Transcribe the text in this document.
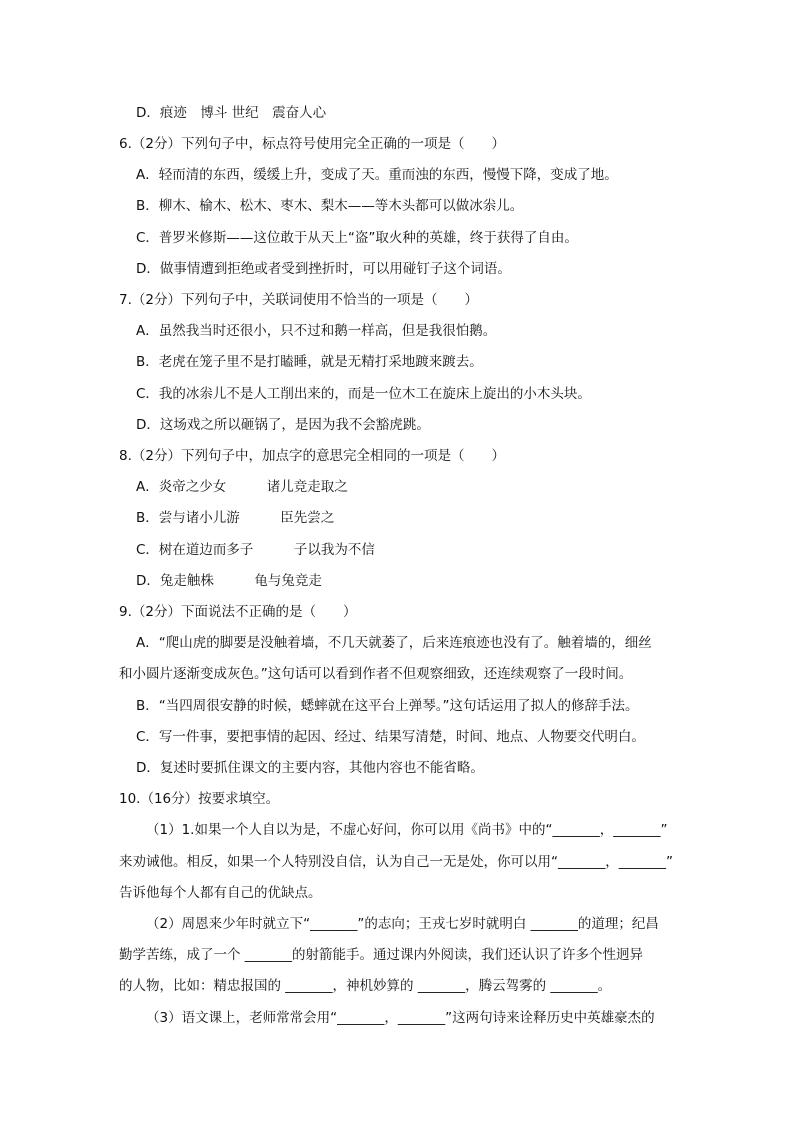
D．痕迹　博斗 世纪　震奋人心
6.（2分）下列句子中，标点符号使用完全正确的一项是（　　）
A．轻而清的东西，缓缓上升，变成了天。重而浊的东西，慢慢下降，变成了地。
B．柳木、榆木、松木、枣木、梨木——等木头都可以做冰尜儿。
C．普罗米修斯——这位敢于从天上“盗”取火种的英雄，终于获得了自由。
D．做事情遭到拒绝或者受到挫折时，可以用碰钉子这个词语。
7.（2分）下列句子中，关联词使用不恰当的一项是（　　）
A．虽然我当时还很小，只不过和鹅一样高，但是我很怕鹅。
B．老虎在笼子里不是打瞌睡，就是无精打采地踱来踱去。
C．我的冰尜儿不是人工削出来的，而是一位木工在旋床上旋出的小木头块。
D．这场戏之所以砸锅了，是因为我不会豁虎跳。
8.（2分）下列句子中，加点字的意思完全相同的一项是（　　）
A．炎帝之少女　　　诸儿竞走取之
B．尝与诸小儿游　　　臣先尝之
C．树在道边而多子　　　子以我为不信
D．兔走触株　　　龟与兔竞走
9.（2分）下面说法不正确的是（　　）
A．“爬山虎的脚要是没触着墙，不几天就萎了，后来连痕迹也没有了。触着墙的，细丝
和小圆片逐渐变成灰色。”这句话可以看到作者不但观察细致，还连续观察了一段时间。
B．“当四周很安静的时候，蟋蟀就在这平台上弹琴。”这句话运用了拟人的修辞手法。
C．写一件事，要把事情的起因、经过、结果写清楚，时间、地点、人物要交代明白。
D．复述时要抓住课文的主要内容，其他内容也不能省略。
10.（16分）按要求填空。
（1）1.如果一个人自以为是，不虚心好问，你可以用《尚书》中的“_______，_______”
来劝诫他。相反，如果一个人特别没自信，认为自己一无是处，你可以用“_______，_______”
告诉他每个人都有自己的优缺点。
（2）周恩来少年时就立下“_______”的志向；王戎七岁时就明白 _______的道理；纪昌
勤学苦练，成了一个 _______的射箭能手。通过课内外阅读，我们还认识了许多个性迥异
的人物，比如：精忠报国的 _______，神机妙算的 _______，腾云驾雾的 _______。
（3）语文课上，老师常常会用“_______，_______”这两句诗来诠释历史中英雄豪杰的
